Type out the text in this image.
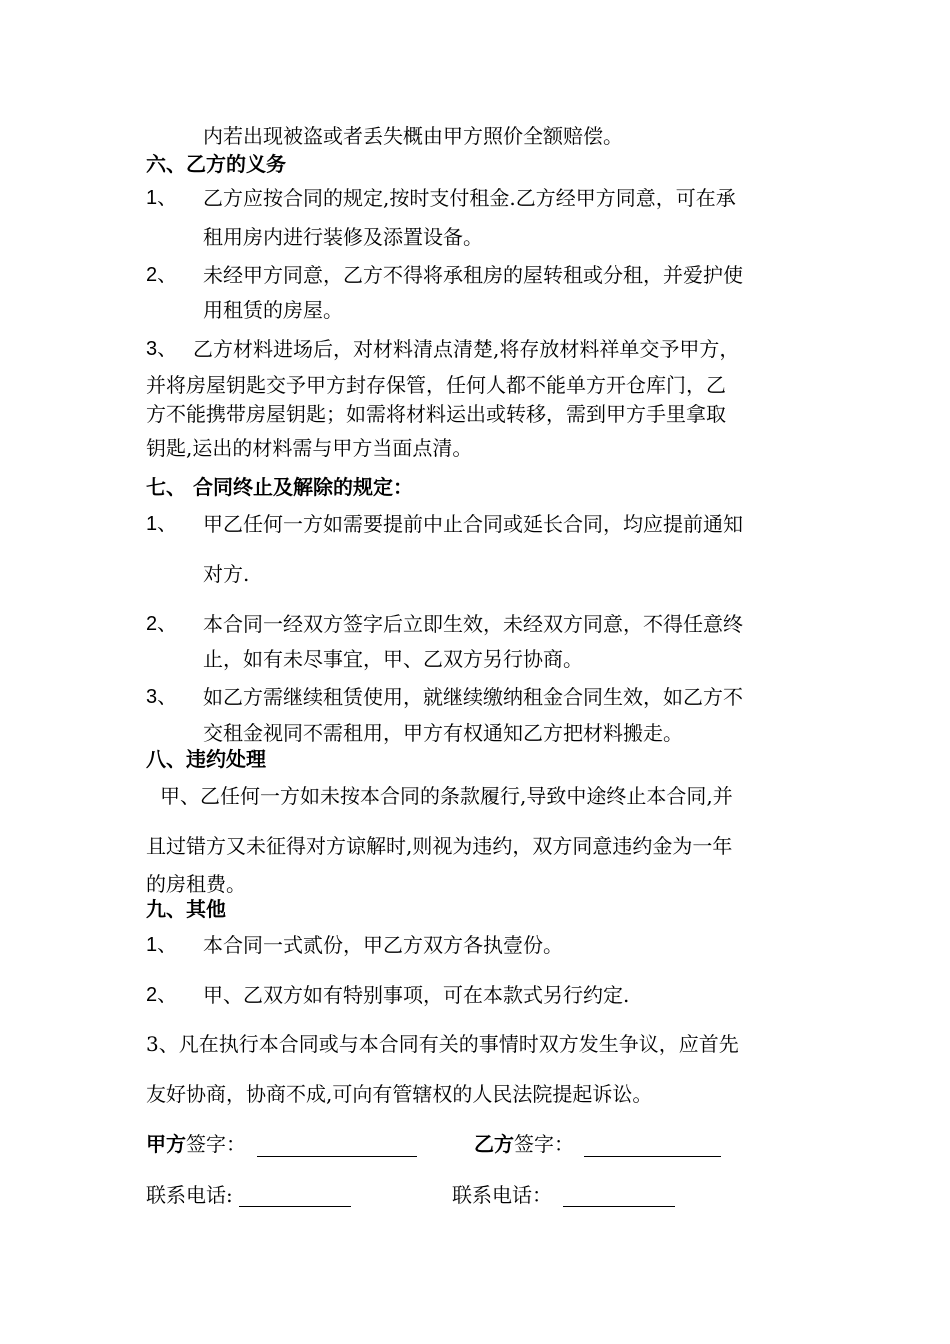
内若出现被盗或者丢失概由甲方照价全额赔偿。
六、乙方的义务
1、 乙方应按合同的规定,按时支付租金.乙方经甲方同意，可在承
租用房内进行装修及添置设备。
2、 未经甲方同意，乙方不得将承租房的屋转租或分租，并爱护使
用租赁的房屋。
3、 乙方材料进场后，对材料清点清楚,将存放材料祥单交予甲方，
并将房屋钥匙交予甲方封存保管，任何人都不能单方开仓库门，乙
方不能携带房屋钥匙；如需将材料运出或转移，需到甲方手里拿取
钥匙,运出的材料需与甲方当面点清。
七、 合同终止及解除的规定：
1、 甲乙任何一方如需要提前中止合同或延长合同，均应提前通知
对方.
2、 本合同一经双方签字后立即生效，未经双方同意，不得任意终
止，如有未尽事宜，甲、乙双方另行协商。
3、 如乙方需继续租赁使用，就继续缴纳租金合同生效，如乙方不
交租金视同不需租用，甲方有权通知乙方把材料搬走。
八、违约处理
甲、乙任何一方如未按本合同的条款履行,导致中途终止本合同,并
且过错方又未征得对方谅解时,则视为违约，双方同意违约金为一年
的房租费。
九、其他
1、 本合同一式贰份，甲乙方双方各执壹份。
2、 甲、乙双方如有特别事项，可在本款式另行约定.
3、凡在执行本合同或与本合同有关的事情时双方发生争议，应首先
友好协商，协商不成,可向有管辖权的人民法院提起诉讼。
甲方签字：	乙方签字：
联系电话:	联系电话：
